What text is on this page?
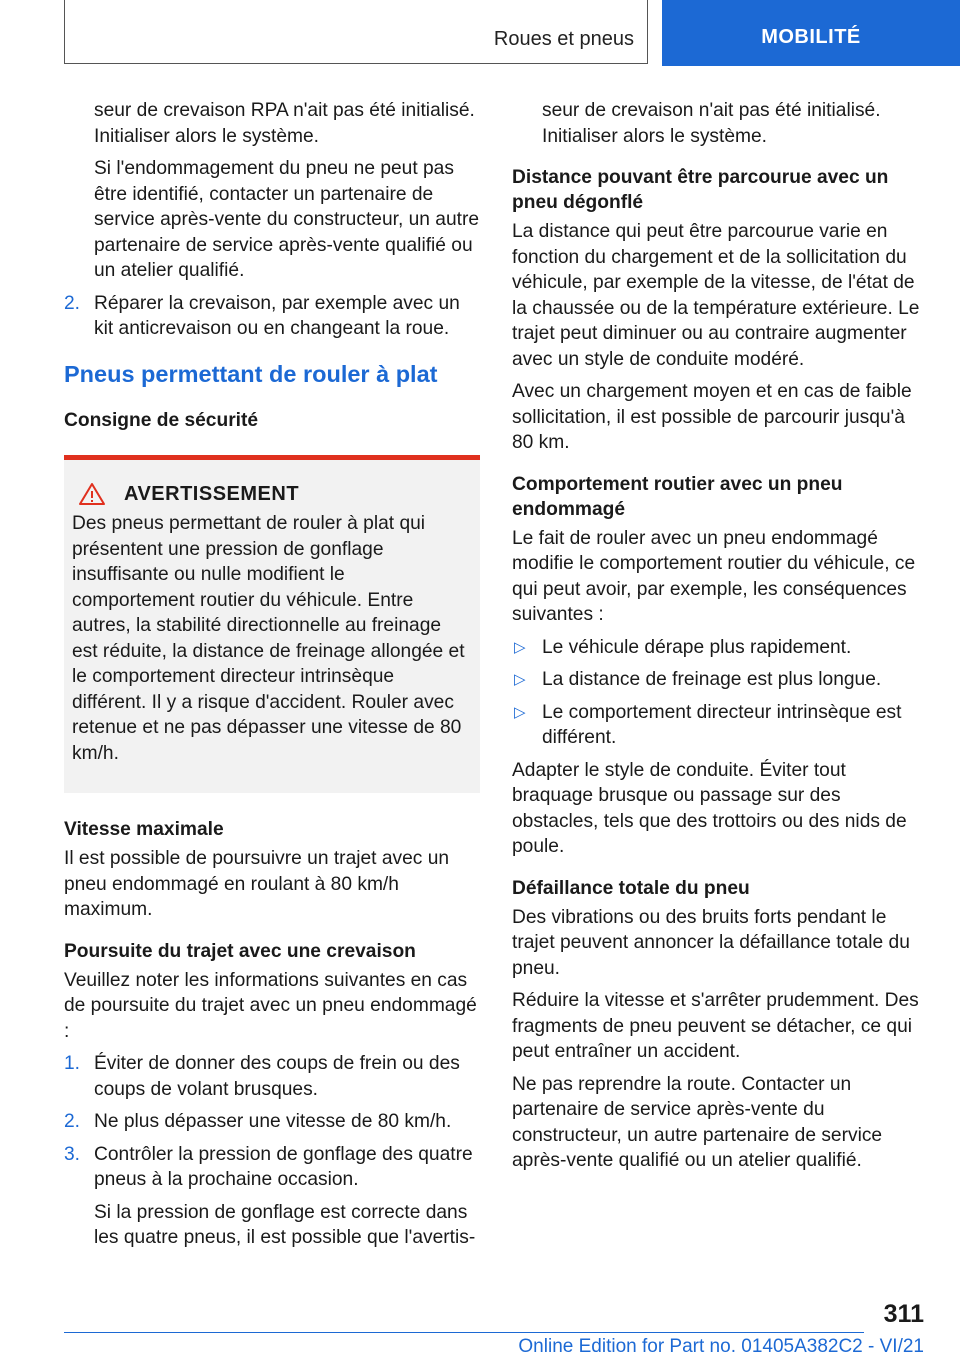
Roues et pneus	MOBILITÉ

seur de crevaison RPA n'ait pas été initialisé. Initialiser alors le système.

Si l'endommagement du pneu ne peut pas être identifié, contacter un partenaire de service après-vente du constructeur, un autre partenaire de service après-vente qualifié ou un atelier qualifié.

2. Réparer la crevaison, par exemple avec un kit anticrevaison ou en changeant la roue.
Pneus permettant de rouler à plat
Consigne de sécurité
AVERTISSEMENT

Des pneus permettant de rouler à plat qui présentent une pression de gonflage insuffisante ou nulle modifient le comportement routier du véhicule. Entre autres, la stabilité directionnelle au freinage est réduite, la distance de freinage allongée et le comportement directeur intrinsèque différent. Il y a risque d'accident. Rouler avec retenue et ne pas dépasser une vitesse de 80 km/h.

Vitesse maximale

Il est possible de poursuivre un trajet avec un pneu endommagé en roulant à 80 km/h maximum.

Poursuite du trajet avec une crevaison

Veuillez noter les informations suivantes en cas de poursuite du trajet avec un pneu endommagé :

1. Éviter de donner des coups de frein ou des coups de volant brusques.
2. Ne plus dépasser une vitesse de 80 km/h.
3. Contrôler la pression de gonflage des quatre pneus à la prochaine occasion.

Si la pression de gonflage est correcte dans les quatre pneus, il est possible que l'avertis-

seur de crevaison n'ait pas été initialisé. Initialiser alors le système.

Distance pouvant être parcourue avec un pneu dégonflé

La distance qui peut être parcourue varie en fonction du chargement et de la sollicitation du véhicule, par exemple de la vitesse, de l'état de la chaussée ou de la température extérieure. Le trajet peut diminuer ou au contraire augmenter avec un style de conduite modéré.

Avec un chargement moyen et en cas de faible sollicitation, il est possible de parcourir jusqu'à 80 km.

Comportement routier avec un pneu endommagé

Le fait de rouler avec un pneu endommagé modifie le comportement routier du véhicule, ce qui peut avoir, par exemple, les conséquences suivantes :

▷ Le véhicule dérape plus rapidement.
▷ La distance de freinage est plus longue.
▷ Le comportement directeur intrinsèque est différent.

Adapter le style de conduite. Éviter tout braquage brusque ou passage sur des obstacles, tels que des trottoirs ou des nids de poule.

Défaillance totale du pneu

Des vibrations ou des bruits forts pendant le trajet peuvent annoncer la défaillance totale du pneu.

Réduire la vitesse et s'arrêter prudemment. Des fragments de pneu peuvent se détacher, ce qui peut entraîner un accident.

Ne pas reprendre la route. Contacter un partenaire de service après-vente du constructeur, un autre partenaire de service après-vente qualifié ou un atelier qualifié.

311
Online Edition for Part no. 01405A382C2 - VI/21
